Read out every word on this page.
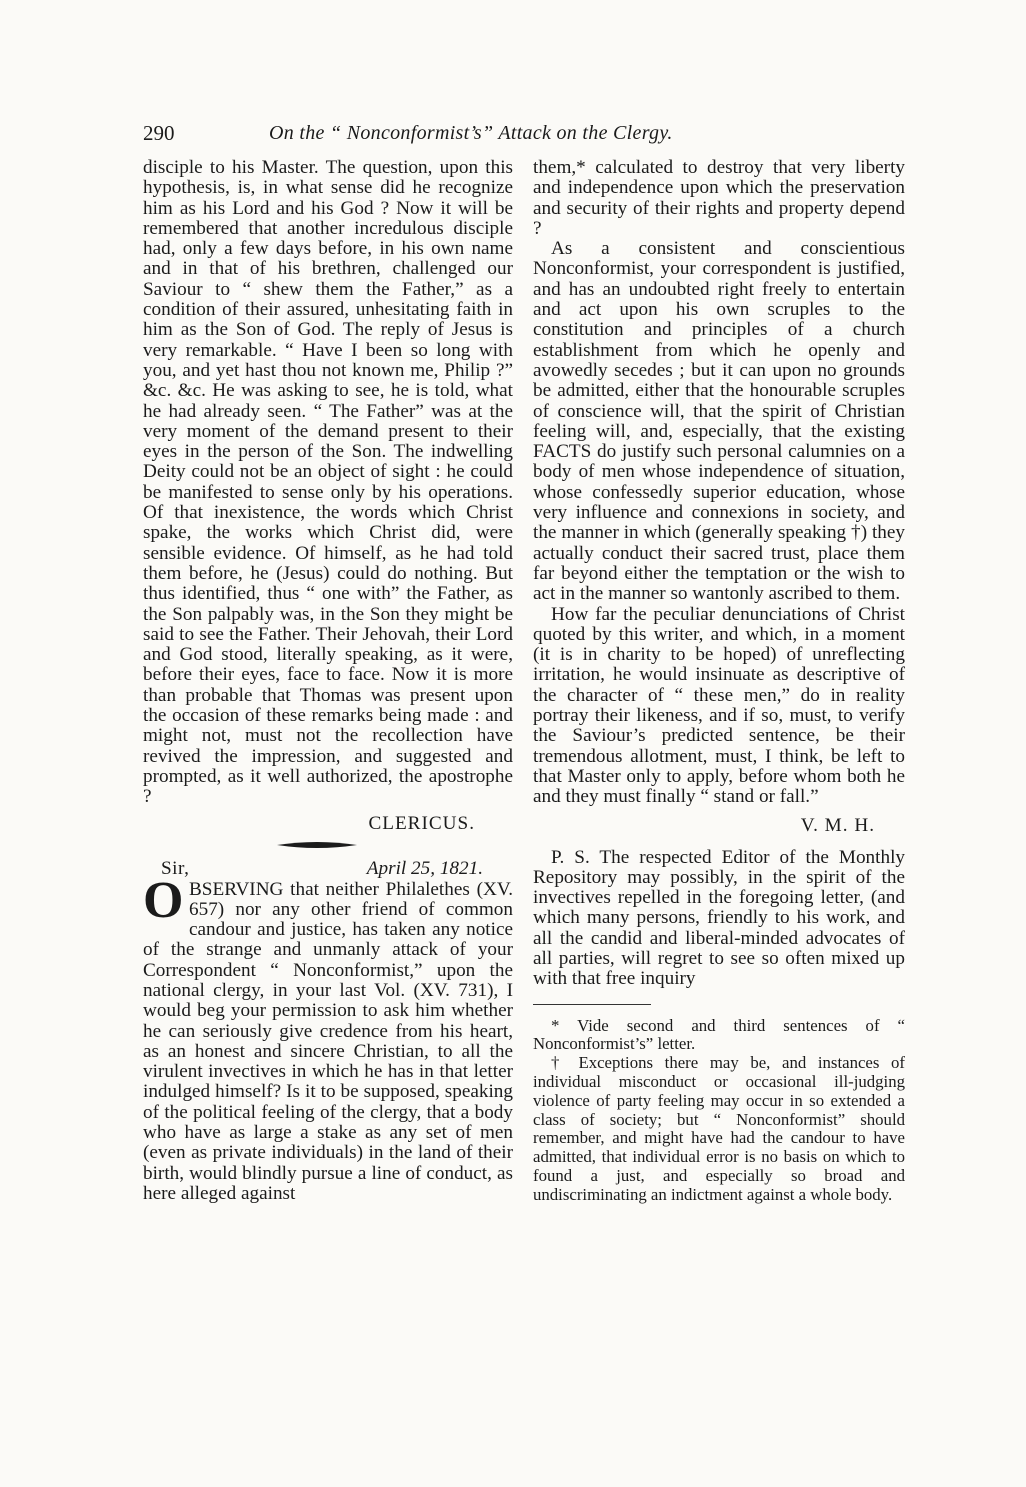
290	On the “ Nonconformist’s” Attack on the Clergy.

disciple to his Master. The question, upon this hypothesis, is, in what sense did he recognize him as his Lord and his God ? Now it will be remembered that another incredulous disciple had, only a few days before, in his own name and in that of his brethren, challenged our Saviour to “ shew them the Father,” as a condition of their assured, unhesitating faith in him as the Son of God. The reply of Jesus is very remarkable. “ Have I been so long with you, and yet hast thou not known me, Philip ?” &c. &c. He was asking to see, he is told, what he had already seen. “ The Father” was at the very moment of the demand present to their eyes in the person of the Son. The indwelling Deity could not be an object of sight : he could be manifested to sense only by his operations. Of that inexistence, the words which Christ spake, the works which Christ did, were sensible evidence. Of himself, as he had told them before, he (Jesus) could do nothing. But thus identified, thus “ one with” the Father, as the Son palpably was, in the Son they might be said to see the Father. Their Jehovah, their Lord and God stood, literally speaking, as it were, before their eyes, face to face. Now it is more than probable that Thomas was present upon the occasion of these remarks being made : and might not, must not the recollection have revived the impression, and suggested and prompted, as it well authorized, the apostrophe ?

CLERICUS.
Sir,	April 25, 1821.
O BSERVING that neither Philalethes (XV. 657) nor any other friend of common candour and justice, has taken any notice of the strange and unmanly attack of your Correspondent “ Nonconformist,” upon the national clergy, in your last Vol. (XV. 731), I would beg your permission to ask him whether he can seriously give credence from his heart, as an honest and sincere Christian, to all the virulent invectives in which he has in that letter indulged himself? Is it to be supposed, speaking of the political feeling of the clergy, that a body who have as large a stake as any set of men (even as private individuals) in the land of their birth, would blindly pursue a line of conduct, as here alleged against

them,* calculated to destroy that very liberty and independence upon which the preservation and security of their rights and property depend ?

As a consistent and conscientious Nonconformist, your correspondent is justified, and has an undoubted right freely to entertain and act upon his own scruples to the constitution and principles of a church establishment from which he openly and avowedly secedes ; but it can upon no grounds be admitted, either that the honourable scruples of conscience will, that the spirit of Christian feeling will, and, especially, that the existing FACTS do justify such personal calumnies on a body of men whose independence of situation, whose confessedly superior education, whose very influence and connexions in society, and the manner in which (generally speaking †) they actually conduct their sacred trust, place them far beyond either the temptation or the wish to act in the manner so wantonly ascribed to them.

How far the peculiar denunciations of Christ quoted by this writer, and which, in a moment (it is in charity to be hoped) of unreflecting irritation, he would insinuate as descriptive of the character of “ these men,” do in reality portray their likeness, and if so, must, to verify the Saviour’s predicted sentence, be their tremendous allotment, must, I think, be left to that Master only to apply, before whom both he and they must finally “ stand or fall.”

V. M. H.

P. S. The respected Editor of the Monthly Repository may possibly, in the spirit of the invectives repelled in the foregoing letter, (and which many persons, friendly to his work, and all the candid and liberal-minded advocates of all parties, will regret to see so often mixed up with that free inquiry

* Vide second and third sentences of “ Nonconformist’s” letter.

† Exceptions there may be, and instances of individual misconduct or occasional ill-judging violence of party feeling may occur in so extended a class of society; but “ Nonconformist” should remember, and might have had the candour to have admitted, that individual error is no basis on which to found a just, and especially so broad and undiscriminating an indictment against a whole body.
